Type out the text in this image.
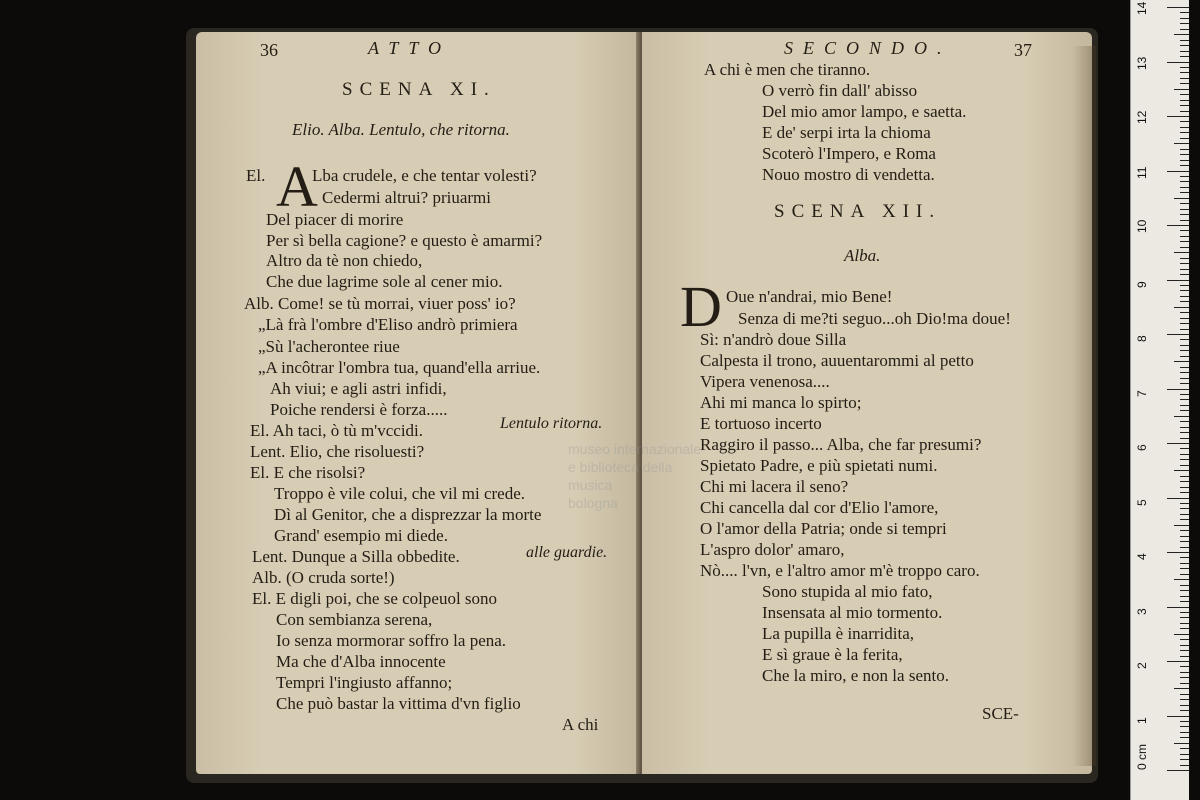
36	ATTO
SCENA XI.
Elio. Alba. Lentulo, che ritorna.
El. A
Lba crudele, e che tentar volesti?
Cedermi altrui? priuarmi
Del piacer di morire
Per sì bella cagione? e questo è amarmi?
Altro da tè non chiedo,
Che due lagrime sole al cener mio.
Alb. Come! se tù morrai, viuer poss' io?
„Là frà l'ombre d'Eliso andrò primiera
„Sù l'acherontee riue
„A incôtrar l'ombra tua, quand'ella arriue.
Ah viui; e agli astri infidi,
Poiche rendersi è forza.....
El. Ah taci, ò tù m'vccidi.	Lentulo ritorna.
Lent. Elio, che risoluesti?
El. E che risolsi?
Troppo è vile colui, che vil mi crede.
Dì al Genitor, che a disprezzar la morte
Grand' esempio mi diede.
Lent. Dunque a Silla obbedite.	alle guardie.
Alb. (O cruda sorte!)
El. E digli poi, che se colpeuol sono
Con sembianza serena,
Io senza mormorar soffro la pena.
Ma che d'Alba innocente
Tempri l'ingiusto affanno;
Che può bastar la vittima d'vn figlio
A chi
SECONDO.	37
A chi è men che tiranno.
O verrò fin dall' abisso
Del mio amor lampo, e saetta.
E de' serpi irta la chioma
Scoterò l'Impero, e Roma
Nouo mostro di vendetta.
SCENA XII.
Alba.
D Oue n'andrai, mio Bene!
Senza di me?ti seguo...oh Dio!ma doue!
Sì: n'andrò doue Silla
Calpesta il trono, auuentarommi al petto
Vipera venenosa....
Ahi mi manca lo spirto;
E tortuoso incerto
Raggiro il passo... Alba, che far presumi?
Spietato Padre, e più spietati numi.
Chi mi lacera il seno?
Chi cancella dal cor d'Elio l'amore,
O l'amor della Patria; onde si tempri
L'aspro dolor' amaro,
Nò.... l'vn, e l'altro amor m'è troppo caro.
Sono stupida al mio fato,
Insensata al mio tormento.
La pupilla è inarridita,
E sì graue è la ferita,
Che la miro, e non la sento.
SCE-
museo internazionale
e biblioteca della
musica
bologna
0 cm
1
2
3
4
5
6
7
8
9
10
11
12
13
14
